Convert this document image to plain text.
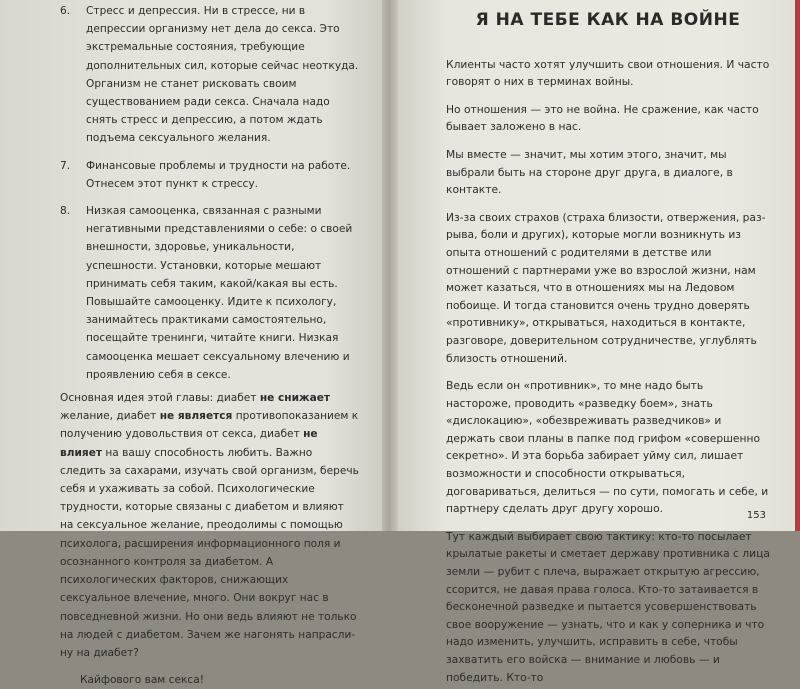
6.	Стресс и депрессия. Ни в стрессе, ни в депрессии организму нет дела до секса. Это экстремальные состояния, требующие дополнительных сил, которые сейчас неоткуда. Организм не станет рисковать своим существованием ради секса. Сначала надо снять стресс и депрессию, а потом ждать подъема сексуального желания.
7.	Финансовые проблемы и трудности на работе. Отнесем этот пункт к стрессу.
8.	Низкая самооценка, связанная с разными негативными представлениями о себе: о своей внешности, здоровье, уникальности, успешности. Установки, которые мешают принимать себя таким, какой/какая вы есть. Повышайте самооценку. Идите к психологу, занимайтесь практиками самостоятельно, посещайте тренинги, читайте книги. Низкая самооценка мешает сексуальному влечению и проявлению себя в сексе.

Основная идея этой главы: диабет не снижает желание, диабет не является противопоказанием к получению удовольствия от секса, диабет не влияет на вашу способность любить. Важно следить за сахарами, изучать свой организм, беречь себя и ухаживать за собой. Психологические трудности, которые связаны с диабетом и влияют на сексуальное желание, преодолимы с помощью психолога, расширения информационного поля и осознанного контроля за диабетом. А психологических факторов, снижающих сексуальное влечение, много. Они вокруг нас в повседневной жизни. Но они ведь влияют не только на людей с диабетом. Зачем же нагонять напраслину на диабет?

Кайфового вам секса!

Я НА ТЕБЕ КАК НА ВОЙНЕ

Клиенты часто хотят улучшить свои отношения. И часто говорят о них в терминах войны.

Но отношения — это не война. Не сражение, как часто бывает заложено в нас.

Мы вместе — значит, мы хотим этого, значит, мы выбрали быть на стороне друг друга, в диалоге, в контакте.

Из-за своих страхов (страха близости, отвержения, разрыва, боли и других), которые могли возникнуть из опыта отношений с родителями в детстве или отношений с партнерами уже во взрослой жизни, нам может казаться, что в отношениях мы на Ледовом побоище. И тогда становится очень трудно доверять «противнику», открываться, находиться в контакте, разговоре, доверительном сотрудничестве, углублять близость отношений.

Ведь если он «противник», то мне надо быть настороже, проводить «разведку боем», знать «дислокацию», «обезвреживать разведчиков» и держать свои планы в папке под грифом «совершенно секретно». И эта борьба забирает уйму сил, лишает возможности и способности открываться, договариваться, делиться — по сути, помогать и себе, и партнеру сделать друг другу хорошо.

Тут каждый выбирает свою тактику: кто-то посылает крылатые ракеты и сметает державу противника с лица земли — рубит с плеча, выражает открытую агрессию, ссорится, не давая права голоса. Кто-то затаивается в бесконечной разведке и пытается усовершенствовать свое вооружение — узнать, что и как у соперника и что надо изменить, улучшить, исправить в себе, чтобы захватить его войска — внимание и любовь — и победить. Кто-то

153
